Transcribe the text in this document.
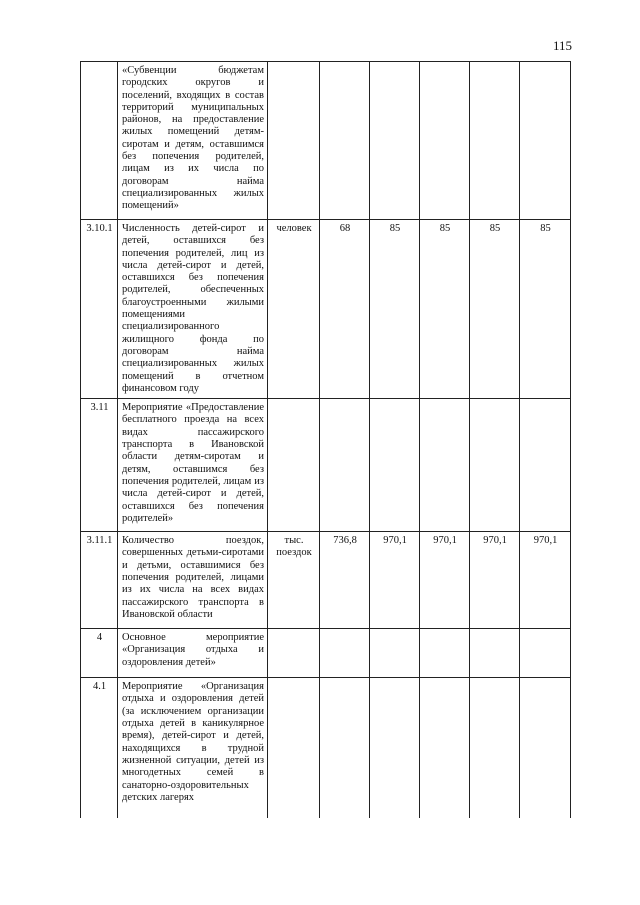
115
	«Субвенции бюджетам городских округов и поселений, входящих в состав территорий муниципальных районов, на предоставление жилых помещений детям-сиротам и детям, оставшимся без попечения родителей, лицам из их числа по договорам найма специализированных жилых помещений»						
3.10.1	Численность детей-сирот и детей, оставшихся без попечения родителей, лиц из числа детей-сирот и детей, оставшихся без попечения родителей, обеспеченных благоустроенными жилыми помещениями специализированного жилищного фонда по договорам найма специализированных жилых помещений в отчетном финансовом году	человек	68	85	85	85	85
3.11	Мероприятие «Предоставление бесплатного проезда на всех видах пассажирского транспорта в Ивановской области детям-сиротам и детям, оставшимся без попечения родителей, лицам из числа детей-сирот и детей, оставшихся без попечения родителей»						
3.11.1	Количество поездок, совершенных детьми-сиротами и детьми, оставшимися без попечения родителей, лицами из их числа на всех видах пассажирского транспорта в Ивановской области	тыс. поездок	736,8	970,1	970,1	970,1	970,1
4	Основное мероприятие «Организация отдыха и оздоровления детей»						
4.1	Мероприятие «Организация отдыха и оздоровления детей (за исключением организации отдыха детей в каникулярное время), детей-сирот и детей, находящихся в трудной жизненной ситуации, детей из многодетных семей в санаторно-оздоровительных детских лагерях						
